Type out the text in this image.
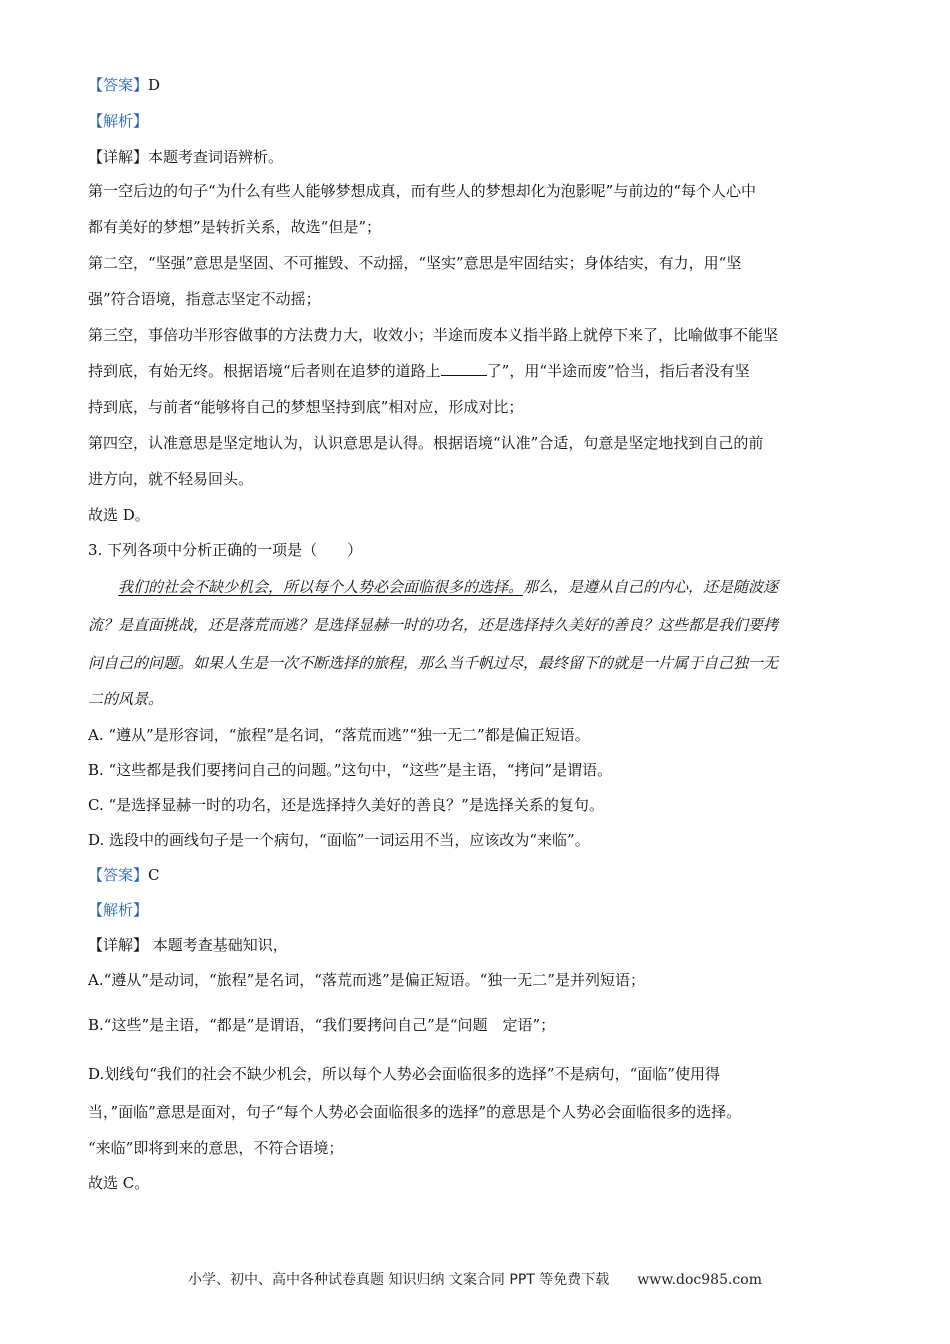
【答案】D
【解析】
【详解】本题考查词语辨析。
第一空后边的句子“为什么有些人能够梦想成真，而有些人的梦想却化为泡影呢”与前边的“每个人心中
都有美好的梦想”是转折关系，故选“但是”；
第二空，“坚强”意思是坚固、不可摧毁、不动摇，“坚实”意思是牢固结实；身体结实，有力，用“坚
强”符合语境，指意志坚定不动摇；
第三空，事倍功半形容做事的方法费力大，收效小；半途而废本义指半路上就停下来了，比喻做事不能坚
持到底，有始无终。根据语境“后者则在追梦的道路上	了”，用“半途而废”恰当，指后者没有坚
持到底，与前者“能够将自己的梦想坚持到底”相对应，形成对比；
第四空，认准意思是坚定地认为，认识意思是认得。根据语境“认准”合适，句意是坚定地找到自己的前
进方向，就不轻易回头。
故选 D。
3. 下列各项中分析正确的一项是（　　）
我们的社会不缺少机会，所以每个人势必会面临很多的选择。那么，是遵从自己的内心，还是随波逐
流？是直面挑战，还是落荒而逃？是选择显赫一时的功名，还是选择持久美好的善良？这些都是我们要拷
问自己的问题。如果人生是一次不断选择的旅程，那么当千帆过尽，最终留下的就是一片属于自己独一无
二的风景。
A. “遵从”是形容词，“旅程”是名词，“落荒而逃”“独一无二”都是偏正短语。
B. “这些都是我们要拷问自己的问题。”这句中，“这些”是主语，“拷问”是谓语。
C. “是选择显赫一时的功名，还是选择持久美好的善良？”是选择关系的复句。
D. 选段中的画线句子是一个病句，“面临”一词运用不当，应该改为“来临”。
【答案】C
【解析】
【详解】 本题考查基础知识，
A.“遵从”是动词，“旅程”是名词，“落荒而逃”是偏正短语。“独一无二”是并列短语；
B.“这些”是主语，“都是”是谓语，“我们要拷问自己”是“问题　定语”；
D.划线句“我们的社会不缺少机会，所以每个人势必会面临很多的选择”不是病句，“面临”使用得
当，”面临”意思是面对，句子“每个人势必会面临很多的选择”的意思是个人势必会面临很多的选择。
“来临”即将到来的意思，不符合语境；
故选 C。
小学、初中、高中各种试卷真题 知识归纳 文案合同 PPT 等免费下载 www.doc985.com
